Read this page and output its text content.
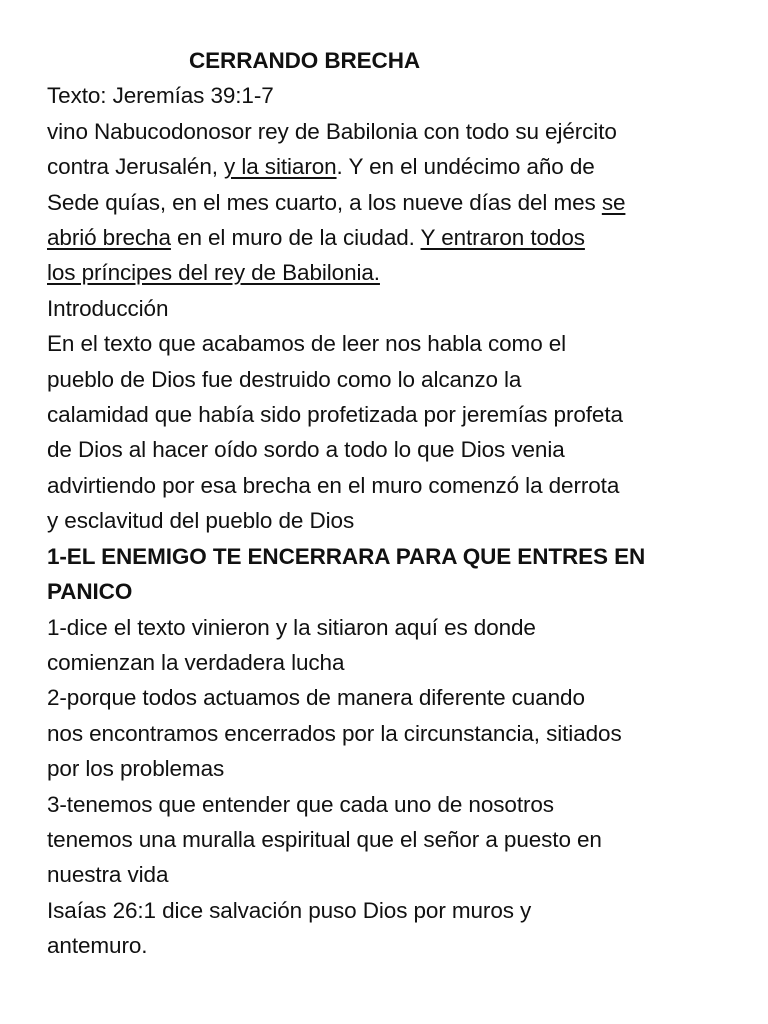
CERRANDO BRECHA
Texto: Jeremías 39:1-7
vino Nabucodonosor rey de Babilonia con todo su ejército
contra Jerusalén, y la sitiaron. Y en el undécimo año de
Sede quías, en el mes cuarto, a los nueve días del mes se
abrió brecha en el muro de la ciudad. Y entraron todos
los príncipes del rey de Babilonia.
Introducción
En el texto que acabamos de leer nos habla como el
pueblo de Dios fue destruido como lo alcanzo la
calamidad que había sido profetizada por jeremías profeta
de Dios al hacer oído sordo a todo lo que Dios venia
advirtiendo por esa brecha en el muro comenzó la derrota
y esclavitud del pueblo de Dios
1-EL ENEMIGO TE ENCERRARA PARA QUE ENTRES EN
PANICO
1-dice el texto vinieron y la sitiaron aquí es donde
comienzan la verdadera lucha
2-porque todos actuamos de manera diferente cuando
nos encontramos encerrados por la circunstancia, sitiados
por los problemas
3-tenemos que entender que cada uno de nosotros
tenemos una muralla espiritual que el señor a puesto en
nuestra vida
Isaías 26:1 dice salvación puso Dios por muros y
antemuro.
